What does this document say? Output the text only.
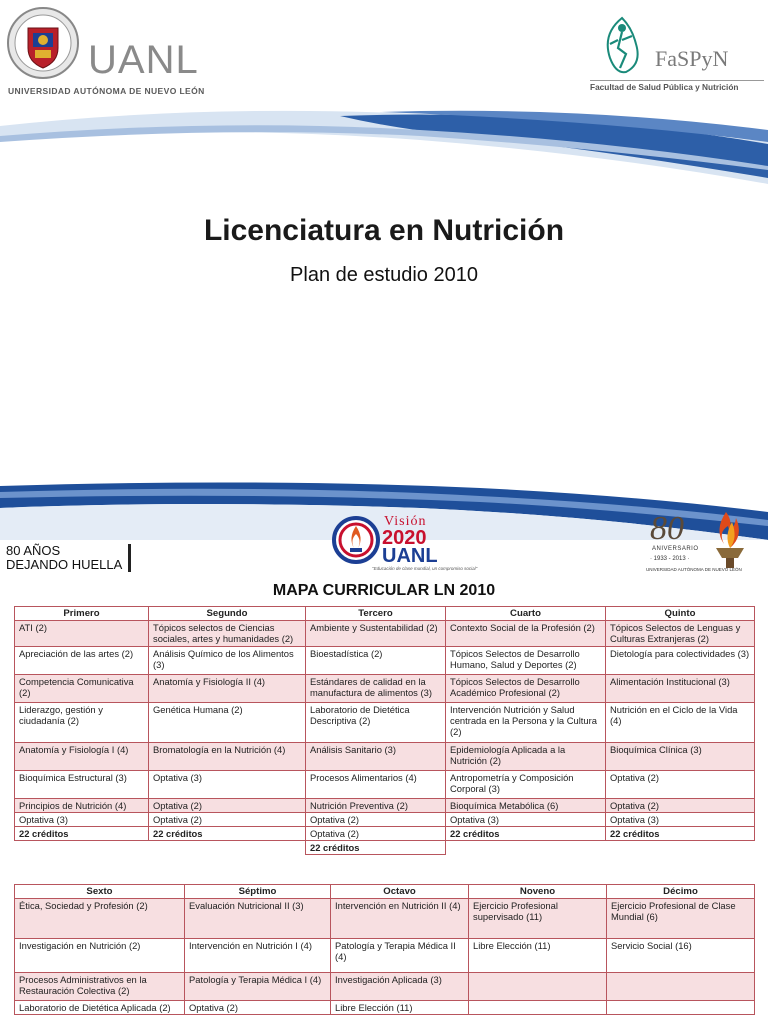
UANL
UNIVERSIDAD AUTÓNOMA DE NUEVO LEÓN
FaSPyN
Facultad de Salud Pública y Nutrición
Licenciatura en Nutrición
Plan de estudio 2010
80 AÑOS
DEJANDO HUELLA
Visión
2020
UANL
"Educación de clase mundial, un compromiso social"
80
ANIVERSARIO
· 1933 - 2013 ·
UNIVERSIDAD AUTÓNOMA DE NUEVO LEÓN
MAPA CURRICULAR LN 2010
Primero	Segundo	Tercero	Cuarto	Quinto
ATI (2)	Tópicos selectos de Ciencias sociales, artes y humanidades (2)	Ambiente y Sustentabilidad (2)	Contexto Social de la Profesión (2)	Tópicos Selectos de Lenguas y Culturas Extranjeras (2)
Apreciación de las artes (2)	Análisis Químico de los Alimentos (3)	Bioestadística (2)	Tópicos Selectos de Desarrollo Humano, Salud y Deportes (2)	Dietología para colectividades (3)
Competencia Comunicativa (2)	Anatomía y Fisiología II (4)	Estándares de calidad en la manufactura de alimentos (3)	Tópicos Selectos de Desarrollo Académico Profesional (2)	Alimentación Institucional (3)
Liderazgo, gestión y ciudadanía (2)	Genética Humana (2)	Laboratorio de Dietética Descriptiva (2)	Intervención Nutrición y Salud centrada en la Persona y la Cultura (2)	Nutrición en el Ciclo de la Vida (4)
Anatomía y Fisiología I (4)	Bromatología en la Nutrición (4)	Análisis Sanitario (3)	Epidemiología Aplicada a la Nutrición (2)	Bioquímica Clínica (3)
Bioquímica Estructural (3)	Optativa (3)	Procesos Alimentarios (4)	Antropometría y Composición Corporal (3)	Optativa (2)
Principios de Nutrición (4)	Optativa (2)	Nutrición Preventiva (2)	Bioquímica Metabólica (6)	Optativa (2)
Optativa (3)	Optativa (2)	Optativa (2)	Optativa (3)	Optativa (3)
22 créditos	22 créditos	Optativa (2)	22 créditos	22 créditos
		22 créditos		
Sexto	Séptimo	Octavo	Noveno	Décimo
Ética, Sociedad y Profesión (2)	Evaluación Nutricional II (3)	Intervención en Nutrición II (4)	Ejercicio Profesional supervisado (11)	Ejercicio Profesional de Clase Mundial (6)
Investigación en Nutrición (2)	Intervención en Nutrición I (4)	Patología y Terapia Médica II (4)	Libre Elección (11)	Servicio Social (16)
Procesos Administrativos en la Restauración Colectiva (2)	Patología y Terapia Médica I (4)	Investigación Aplicada (3)		
Laboratorio de Dietética Aplicada (2)	Optativa (2)	Libre Elección (11)		
